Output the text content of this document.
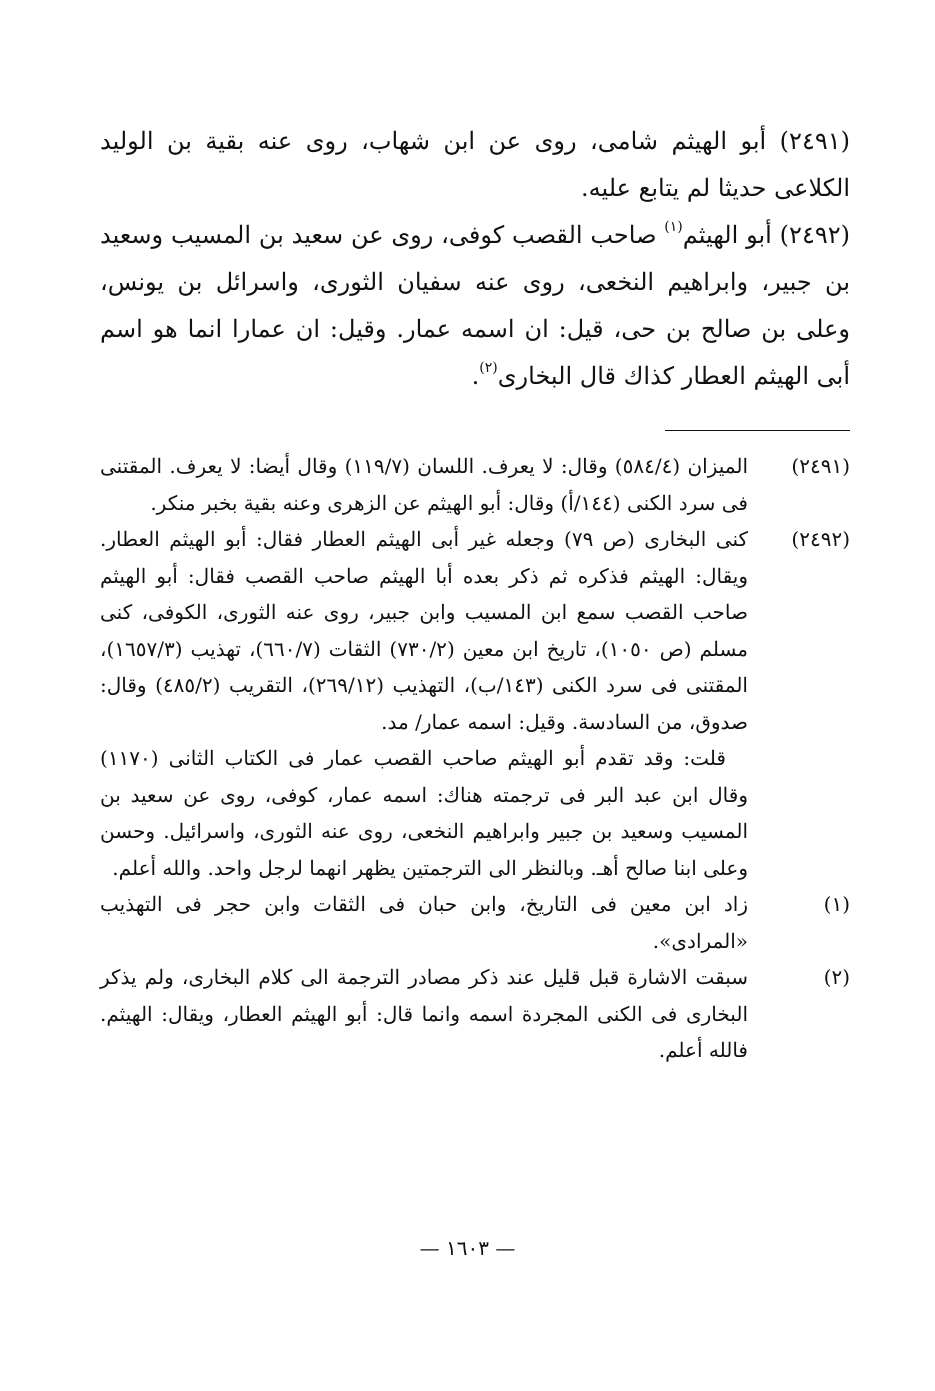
(٢٤٩١) أبو الهيثم شامى، روى عن ابن شهاب، روى عنه بقية بن الوليد الكلاعى حديثا لم يتابع عليه.

(٢٤٩٢) أبو الهيثم$^{(١)}$ صاحب القصب كوفى، روى عن سعيد بن المسيب وسعيد بن جبير، وابراهيم النخعى، روى عنه سفيان الثورى، واسرائل بن يونس، وعلى بن صالح بن حى، قيل: ان اسمه عمار. وقيل: ان عمارا انما هو اسم أبى الهيثم العطار كذاك قال البخارى$^{(٢)}$.

(٢٤٩١)

الميزان (٥٨٤/٤) وقال: لا يعرف. اللسان (١١٩/٧) وقال أيضا: لا يعرف. المقتنى فى سرد الكنى (١٤٤/أ) وقال: أبو الهيثم عن الزهرى وعنه بقية بخبر منكر.

(٢٤٩٢)

كنى البخارى (ص ٧٩) وجعله غير أبى الهيثم العطار فقال: أبو الهيثم العطار. ويقال: الهيثم فذكره ثم ذكر بعده أبا الهيثم صاحب القصب فقال: أبو الهيثم صاحب القصب سمع ابن المسيب وابن جبير، روى عنه الثورى، الكوفى، كنى مسلم (ص ١٠٥٠)، تاريخ ابن معين (٧٣٠/٢) الثقات (٦٦٠/٧)، تهذيب (١٦٥٧/٣)، المقتنى فى سرد الكنى (١٤٣/ب)، التهذيب (٢٦٩/١٢)، التقريب (٤٨٥/٢) وقال: صدوق، من السادسة. وقيل: اسمه عمار/ مد.

قلت: وقد تقدم أبو الهيثم صاحب القصب عمار فى الكتاب الثانى (١١٧٠) وقال ابن عبد البر فى ترجمته هناك: اسمه عمار، كوفى، روى عن سعيد بن المسيب وسعيد بن جبير وابراهيم النخعى، روى عنه الثورى، واسرائيل. وحسن وعلى ابنا صالح أهـ. وبالنظر الى الترجمتين يظهر انهما لرجل واحد. والله أعلم.

(١)

زاد ابن معين فى التاريخ، وابن حبان فى الثقات وابن حجر فى التهذيب «المرادى».

(٢)

سبقت الاشارة قبل قليل عند ذكر مصادر الترجمة الى كلام البخارى، ولم يذكر البخارى فى الكنى المجردة اسمه وانما قال: أبو الهيثم العطار، ويقال: الهيثم. فالله أعلم.

— ١٦٠٣ —
